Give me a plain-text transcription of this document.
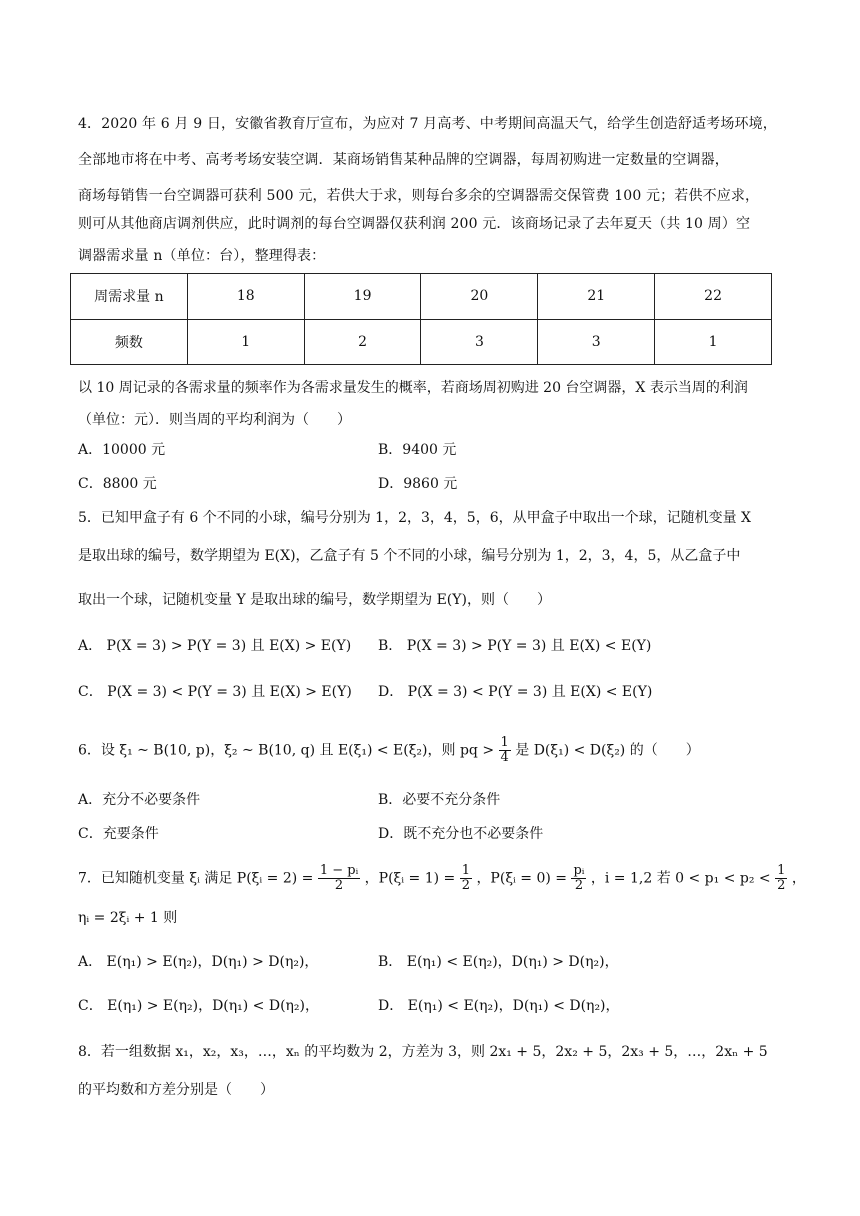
4．2020 年 6 月 9 日，安徽省教育厅宣布，为应对 7 月高考、中考期间高温天气，给学生创造舒适考场环境，
全部地市将在中考、高考考场安装空调．某商场销售某种品牌的空调器，每周初购进一定数量的空调器，
商场每销售一台空调器可获利 500 元，若供大于求，则每台多余的空调器需交保管费 100 元；若供不应求，
则可从其他商店调剂供应，此时调剂的每台空调器仅获利润 200 元．该商场记录了去年夏天（共 10 周）空
调器需求量 n（单位：台），整理得表：
周需求量 n	18	19	20	21	22
频数	1	2	3	3	1
以 10 周记录的各需求量的频率作为各需求量发生的概率，若商场周初购进 20 台空调器，X 表示当周的利润
（单位：元）．则当周的平均利润为（　　）
A．10000 元	B．9400 元
C．8800 元	D．9860 元
5．已知甲盒子有 6 个不同的小球，编号分别为 1，2，3，4，5，6，从甲盒子中取出一个球，记随机变量 X
是取出球的编号，数学期望为 E(X)，乙盒子有 5 个不同的小球，编号分别为 1，2，3，4，5，从乙盒子中
取出一个球，记随机变量 Y 是取出球的编号，数学期望为 E(Y)，则（　　）
A． P(X = 3) > P(Y = 3) 且 E(X) > E(Y) B． P(X = 3) > P(Y = 3) 且 E(X) < E(Y)
C． P(X = 3) < P(Y = 3) 且 E(X) > E(Y) D． P(X = 3) < P(Y = 3) 且 E(X) < E(Y)
6．设 ξ₁ ~ B(10, p)，ξ₂ ~ B(10, q) 且 E(ξ₁) < E(ξ₂)，则 pq > $\frac{1}{4}$ 是 D(ξ₁) < D(ξ₂) 的（　　）
A．充分不必要条件	B．必要不充分条件
C．充要条件	D．既不充分也不必要条件
7．已知随机变量 ξᵢ 满足 P(ξᵢ = $2) = \frac{\text{1 − pᵢ}}{2}$ ，P(ξᵢ = $1) = \frac{1}{2}$ ，P(ξᵢ = $0) = \frac{\text{pᵢ}}{2}$ ，i = 1,2 若 $0 < p_1 < p_2 < \frac{1}{2}$ ，
ηᵢ = 2ξᵢ + 1 则
A． E(η₁) > E(η₂)，D(η₁) > D(η₂)，	B． E(η₁) < E(η₂)，D(η₁) > D(η₂)，
C． E(η₁) > E(η₂)，D(η₁) < D(η₂)，	D． E(η₁) < E(η₂)，D(η₁) < D(η₂)，
8．若一组数据 x₁，x₂，x₃，…，xₙ 的平均数为 2，方差为 3，则 2x₁ + 5，2x₂ + 5，2x₃ + 5，…，2xₙ + 5
的平均数和方差分别是（　　）
